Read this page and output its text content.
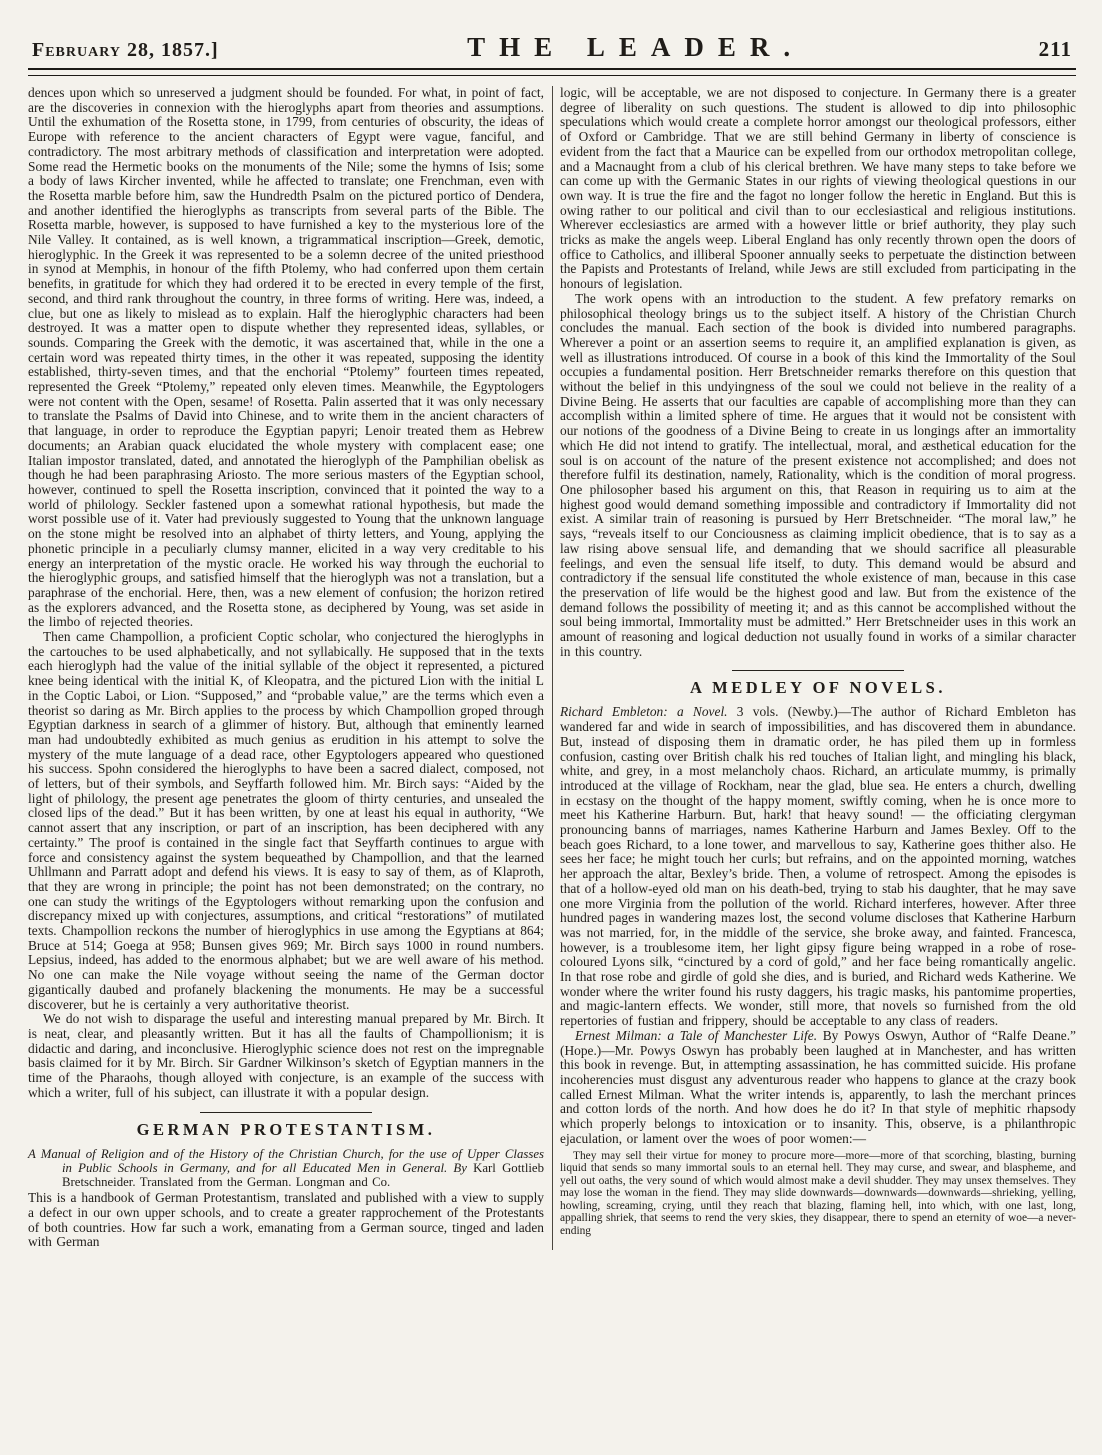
February 28, 1857.]	THE LEADER.	211

dences upon which so unreserved a judgment should be founded. For what, in point of fact, are the discoveries in connexion with the hieroglyphs apart from theories and assumptions. Until the exhumation of the Rosetta stone, in 1799, from centuries of obscurity, the ideas of Europe with reference to the ancient characters of Egypt were vague, fanciful, and contradictory. The most arbitrary methods of classification and interpretation were adopted. Some read the Hermetic books on the monuments of the Nile; some the hymns of Isis; some a body of laws Kircher invented, while he affected to translate; one Frenchman, even with the Rosetta marble before him, saw the Hundredth Psalm on the pictured portico of Dendera, and another identified the hieroglyphs as transcripts from several parts of the Bible. The Rosetta marble, however, is supposed to have furnished a key to the mysterious lore of the Nile Valley. It contained, as is well known, a trigrammatical inscription—Greek, demotic, hieroglyphic. In the Greek it was represented to be a solemn decree of the united priesthood in synod at Memphis, in honour of the fifth Ptolemy, who had conferred upon them certain benefits, in gratitude for which they had ordered it to be erected in every temple of the first, second, and third rank throughout the country, in three forms of writing. Here was, indeed, a clue, but one as likely to mislead as to explain. Half the hieroglyphic characters had been destroyed. It was a matter open to dispute whether they represented ideas, syllables, or sounds. Comparing the Greek with the demotic, it was ascertained that, while in the one a certain word was repeated thirty times, in the other it was repeated, supposing the identity established, thirty-seven times, and that the enchorial “Ptolemy” fourteen times repeated, represented the Greek “Ptolemy,” repeated only eleven times. Meanwhile, the Egyptologers were not content with the Open, sesame! of Rosetta. Palin asserted that it was only necessary to translate the Psalms of David into Chinese, and to write them in the ancient characters of that language, in order to reproduce the Egyptian papyri; Lenoir treated them as Hebrew documents; an Arabian quack elucidated the whole mystery with complacent ease; one Italian impostor translated, dated, and annotated the hieroglyph of the Pamphilian obelisk as though he had been paraphrasing Ariosto. The more serious masters of the Egyptian school, however, continued to spell the Rosetta inscription, convinced that it pointed the way to a world of philology. Seckler fastened upon a somewhat rational hypothesis, but made the worst possible use of it. Vater had previously suggested to Young that the unknown language on the stone might be resolved into an alphabet of thirty letters, and Young, applying the phonetic principle in a peculiarly clumsy manner, elicited in a way very creditable to his energy an interpretation of the mystic oracle. He worked his way through the euchorial to the hieroglyphic groups, and satisfied himself that the hieroglyph was not a translation, but a paraphrase of the enchorial. Here, then, was a new element of confusion; the horizon retired as the explorers advanced, and the Rosetta stone, as deciphered by Young, was set aside in the limbo of rejected theories.

Then came Champollion, a proficient Coptic scholar, who conjectured the hieroglyphs in the cartouches to be used alphabetically, and not syllabically. He supposed that in the texts each hieroglyph had the value of the initial syllable of the object it represented, a pictured knee being identical with the initial K, of Kleopatra, and the pictured Lion with the initial L in the Coptic Laboi, or Lion. “Supposed,” and “probable value,” are the terms which even a theorist so daring as Mr. Birch applies to the process by which Champollion groped through Egyptian darkness in search of a glimmer of history. But, although that eminently learned man had undoubtedly exhibited as much genius as erudition in his attempt to solve the mystery of the mute language of a dead race, other Egyptologers appeared who questioned his success. Spohn considered the hieroglyphs to have been a sacred dialect, composed, not of letters, but of their symbols, and Seyffarth followed him. Mr. Birch says: “Aided by the light of philology, the present age penetrates the gloom of thirty centuries, and unsealed the closed lips of the dead.” But it has been written, by one at least his equal in authority, “We cannot assert that any inscription, or part of an inscription, has been deciphered with any certainty.” The proof is contained in the single fact that Seyffarth continues to argue with force and consistency against the system bequeathed by Champollion, and that the learned Uhllmann and Parratt adopt and defend his views. It is easy to say of them, as of Klaproth, that they are wrong in principle; the point has not been demonstrated; on the contrary, no one can study the writings of the Egyptologers without remarking upon the confusion and discrepancy mixed up with conjectures, assumptions, and critical “restorations” of mutilated texts. Champollion reckons the number of hieroglyphics in use among the Egyptians at 864; Bruce at 514; Goega at 958; Bunsen gives 969; Mr. Birch says 1000 in round numbers. Lepsius, indeed, has added to the enormous alphabet; but we are well aware of his method. No one can make the Nile voyage without seeing the name of the German doctor gigantically daubed and profanely blackening the monuments. He may be a successful discoverer, but he is certainly a very authoritative theorist.

We do not wish to disparage the useful and interesting manual prepared by Mr. Birch. It is neat, clear, and pleasantly written. But it has all the faults of Champollionism; it is didactic and daring, and inconclusive. Hieroglyphic science does not rest on the impregnable basis claimed for it by Mr. Birch. Sir Gardner Wilkinson’s sketch of Egyptian manners in the time of the Pharaohs, though alloyed with conjecture, is an example of the success with which a writer, full of his subject, can illustrate it with a popular design.

GERMAN PROTESTANTISM.

A Manual of Religion and of the History of the Christian Church, for the use of Upper Classes in Public Schools in Germany, and for all Educated Men in General. By Karl Gottlieb Bretschneider. Translated from the German. Longman and Co.

This is a handbook of German Protestantism, translated and published with a view to supply a defect in our own upper schools, and to create a greater rapprochement of the Protestants of both countries. How far such a work, emanating from a German source, tinged and laden with German

logic, will be acceptable, we are not disposed to conjecture. In Germany there is a greater degree of liberality on such questions. The student is allowed to dip into philosophic speculations which would create a complete horror amongst our theological professors, either of Oxford or Cambridge. That we are still behind Germany in liberty of conscience is evident from the fact that a Maurice can be expelled from our orthodox metropolitan college, and a Macnaught from a club of his clerical brethren. We have many steps to take before we can come up with the Germanic States in our rights of viewing theological questions in our own way. It is true the fire and the fagot no longer follow the heretic in England. But this is owing rather to our political and civil than to our ecclesiastical and religious institutions. Wherever ecclesiastics are armed with a however little or brief authority, they play such tricks as make the angels weep. Liberal England has only recently thrown open the doors of office to Catholics, and illiberal Spooner annually seeks to perpetuate the distinction between the Papists and Protestants of Ireland, while Jews are still excluded from participating in the honours of legislation.

The work opens with an introduction to the student. A few prefatory remarks on philosophical theology brings us to the subject itself. A history of the Christian Church concludes the manual. Each section of the book is divided into numbered paragraphs. Wherever a point or an assertion seems to require it, an amplified explanation is given, as well as illustrations introduced. Of course in a book of this kind the Immortality of the Soul occupies a fundamental position. Herr Bretschneider remarks therefore on this question that without the belief in this undyingness of the soul we could not believe in the reality of a Divine Being. He asserts that our faculties are capable of accomplishing more than they can accomplish within a limited sphere of time. He argues that it would not be consistent with our notions of the goodness of a Divine Being to create in us longings after an immortality which He did not intend to gratify. The intellectual, moral, and æsthetical education for the soul is on account of the nature of the present existence not accomplished; and does not therefore fulfil its destination, namely, Rationality, which is the condition of moral progress. One philosopher based his argument on this, that Reason in requiring us to aim at the highest good would demand something impossible and contradictory if Immortality did not exist. A similar train of reasoning is pursued by Herr Bretschneider. “The moral law,” he says, “reveals itself to our Conciousness as claiming implicit obedience, that is to say as a law rising above sensual life, and demanding that we should sacrifice all pleasurable feelings, and even the sensual life itself, to duty. This demand would be absurd and contradictory if the sensual life constituted the whole existence of man, because in this case the preservation of life would be the highest good and law. But from the existence of the demand follows the possibility of meeting it; and as this cannot be accomplished without the soul being immortal, Immortality must be admitted.” Herr Bretschneider uses in this work an amount of reasoning and logical deduction not usually found in works of a similar character in this country.

A MEDLEY OF NOVELS.

Richard Embleton: a Novel. 3 vols. (Newby.)—The author of Richard Embleton has wandered far and wide in search of impossibilities, and has discovered them in abundance. But, instead of disposing them in dramatic order, he has piled them up in formless confusion, casting over British chalk his red touches of Italian light, and mingling his black, white, and grey, in a most melancholy chaos. Richard, an articulate mummy, is primally introduced at the village of Rockham, near the glad, blue sea. He enters a church, dwelling in ecstasy on the thought of the happy moment, swiftly coming, when he is once more to meet his Katherine Harburn. But, hark! that heavy sound! — the officiating clergyman pronouncing banns of marriages, names Katherine Harburn and James Bexley. Off to the beach goes Richard, to a lone tower, and marvellous to say, Katherine goes thither also. He sees her face; he might touch her curls; but refrains, and on the appointed morning, watches her approach the altar, Bexley’s bride. Then, a volume of retrospect. Among the episodes is that of a hollow-eyed old man on his death-bed, trying to stab his daughter, that he may save one more Virginia from the pollution of the world. Richard interferes, however. After three hundred pages in wandering mazes lost, the second volume discloses that Katherine Harburn was not married, for, in the middle of the service, she broke away, and fainted. Francesca, however, is a troublesome item, her light gipsy figure being wrapped in a robe of rose-coloured Lyons silk, “cinctured by a cord of gold,” and her face being romantically angelic. In that rose robe and girdle of gold she dies, and is buried, and Richard weds Katherine. We wonder where the writer found his rusty daggers, his tragic masks, his pantomime properties, and magic-lantern effects. We wonder, still more, that novels so furnished from the old repertories of fustian and frippery, should be acceptable to any class of readers.

Ernest Milman: a Tale of Manchester Life. By Powys Oswyn, Author of “Ralfe Deane.” (Hope.)—Mr. Powys Oswyn has probably been laughed at in Manchester, and has written this book in revenge. But, in attempting assassination, he has committed suicide. His profane incoherencies must disgust any adventurous reader who happens to glance at the crazy book called Ernest Milman. What the writer intends is, apparently, to lash the merchant princes and cotton lords of the north. And how does he do it? In that style of mephitic rhapsody which properly belongs to intoxication or to insanity. This, observe, is a philanthropic ejaculation, or lament over the woes of poor women:—

They may sell their virtue for money to procure more—more—more of that scorching, blasting, burning liquid that sends so many immortal souls to an eternal hell. They may curse, and swear, and blaspheme, and yell out oaths, the very sound of which would almost make a devil shudder. They may unsex themselves. They may lose the woman in the fiend. They may slide downwards—downwards—downwards—shrieking, yelling, howling, screaming, crying, until they reach that blazing, flaming hell, into which, with one last, long, appalling shriek, that seems to rend the very skies, they disappear, there to spend an eternity of woe—a never-ending
